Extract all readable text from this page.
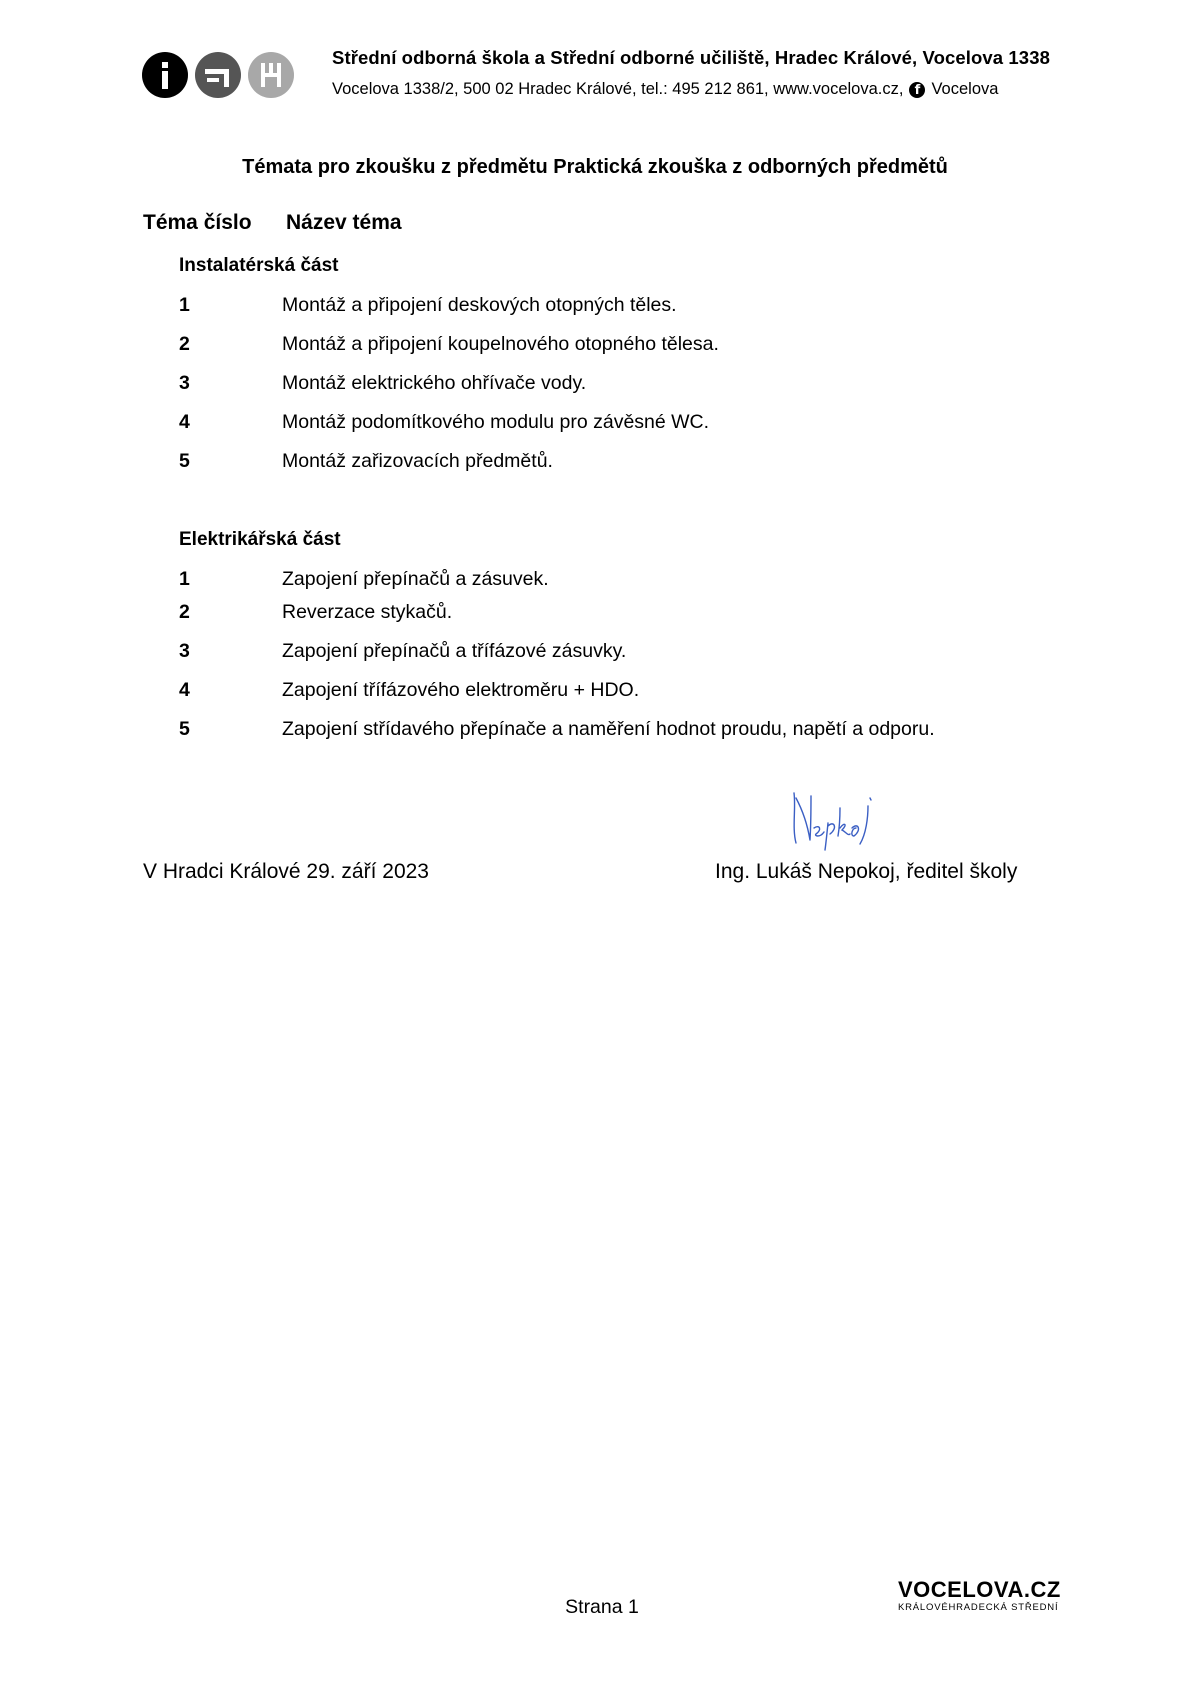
Střední odborná škola a Střední odborné učiliště, Hradec Králové, Vocelova 1338
Vocelova 1338/2, 500 02 Hradec Králové, tel.: 495 212 861, www.vocelova.cz, f Vocelova
Témata pro zkoušku z předmětu Praktická zkouška z odborných předmětů
Téma číslo Název téma
Instalatérská část
1	Montáž a připojení deskových otopných těles.
2	Montáž a připojení koupelnového otopného tělesa.
3	Montáž elektrického ohřívače vody.
4	Montáž podomítkového modulu pro závěsné WC.
5	Montáž zařizovacích předmětů.
Elektrikářská část
1	Zapojení přepínačů a zásuvek.
2	Reverzace stykačů.
3	Zapojení přepínačů a třífázové zásuvky.
4	Zapojení třífázového elektroměru + HDO.
5	Zapojení střídavého přepínače a naměření hodnot proudu, napětí a odporu.
V Hradci Králové 29. září 2023	Ing. Lukáš Nepokoj, ředitel školy
Strana 1
VOCELOVA.CZ
KRÁLOVÉHRADECKÁ STŘEDNÍ
